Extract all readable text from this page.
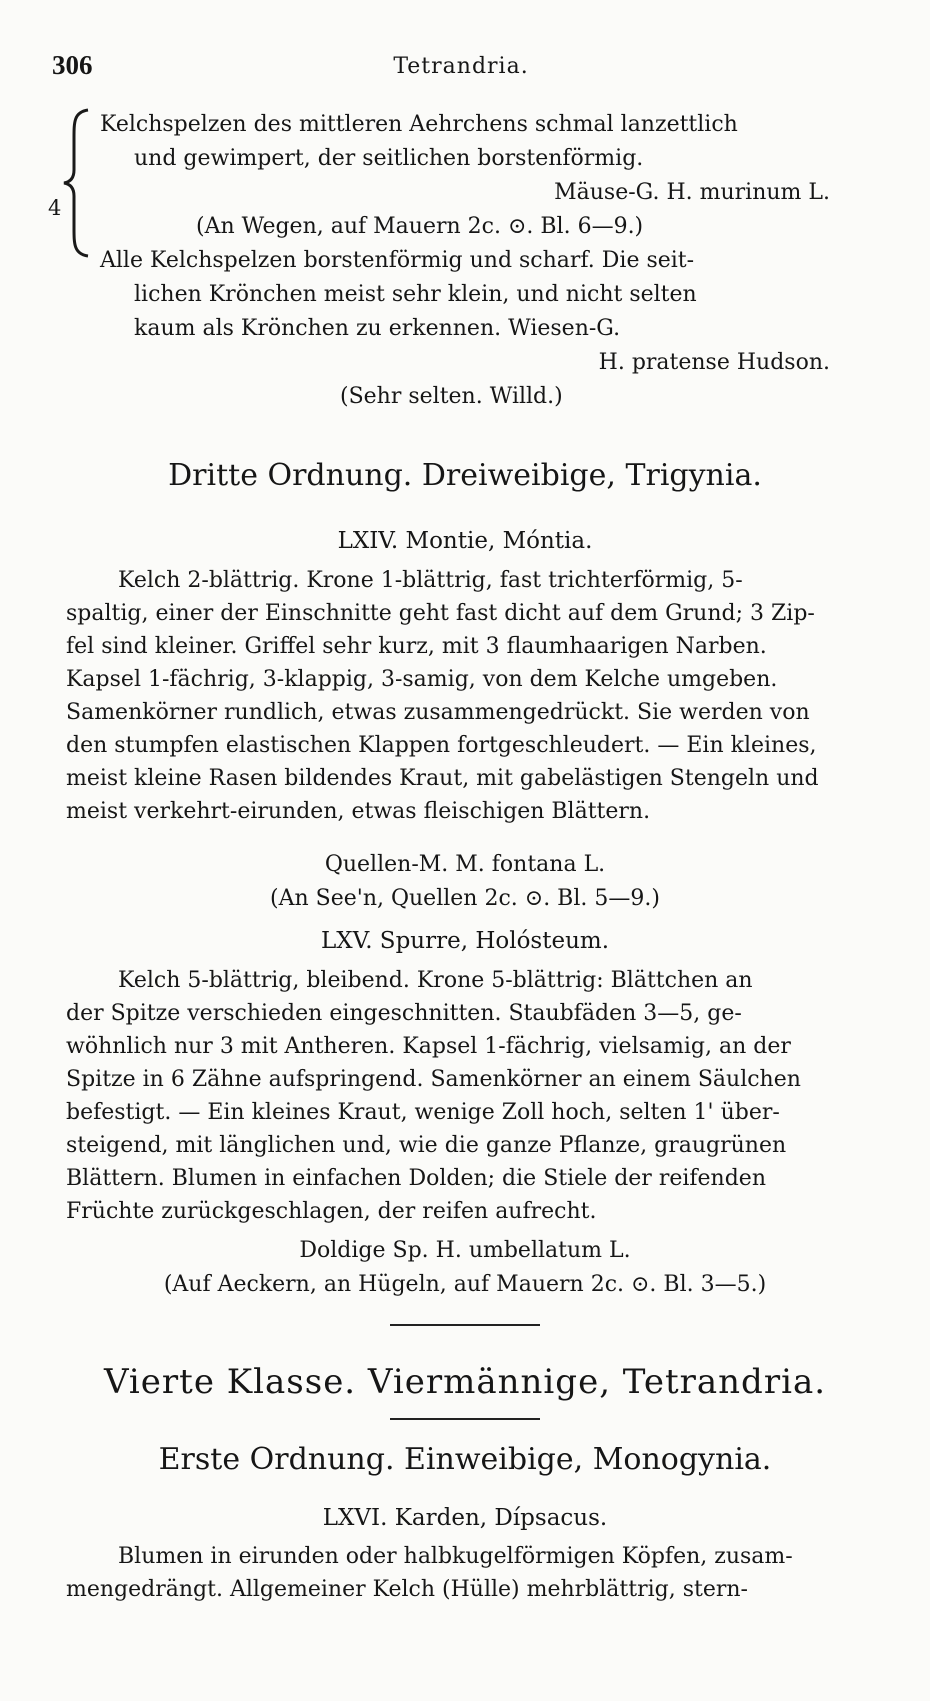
306	Tetrandria.
4
Kelchspelzen des mittleren Aehrchens schmal lanzettlich
und gewimpert, der seitlichen borstenförmig.
Mäuse-G. H. murinum L.
(An Wegen, auf Mauern 2c. ⊙. Bl. 6—9.)
Alle Kelchspelzen borstenförmig und scharf. Die seit-
lichen Krönchen meist sehr klein, und nicht selten
kaum als Krönchen zu erkennen. Wiesen-G.
H. pratense Hudson.
(Sehr selten. Willd.)
Dritte Ordnung. Dreiweibige, Trigynia.
LXIV. Montie, Móntia.

Kelch 2-blättrig. Krone 1-blättrig, fast trichterförmig, 5-

spaltig, einer der Einschnitte geht fast dicht auf dem Grund; 3 Zip-

fel sind kleiner. Griffel sehr kurz, mit 3 flaumhaarigen Narben.

Kapsel 1-fächrig, 3-klappig, 3-samig, von dem Kelche umgeben.

Samenkörner rundlich, etwas zusammengedrückt. Sie werden von

den stumpfen elastischen Klappen fortgeschleudert. — Ein kleines,

meist kleine Rasen bildendes Kraut, mit gabelästigen Stengeln und

meist verkehrt-eirunden, etwas fleischigen Blättern.

Quellen-M. M. fontana L.
(An See'n, Quellen 2c. ⊙. Bl. 5—9.)
LXV. Spurre, Holósteum.

Kelch 5-blättrig, bleibend. Krone 5-blättrig: Blättchen an

der Spitze verschieden eingeschnitten. Staubfäden 3—5, ge-

wöhnlich nur 3 mit Antheren. Kapsel 1-fächrig, vielsamig, an der

Spitze in 6 Zähne aufspringend. Samenkörner an einem Säulchen

befestigt. — Ein kleines Kraut, wenige Zoll hoch, selten 1' über-

steigend, mit länglichen und, wie die ganze Pflanze, graugrünen

Blättern. Blumen in einfachen Dolden; die Stiele der reifenden

Früchte zurückgeschlagen, der reifen aufrecht.

Doldige Sp. H. umbellatum L.
(Auf Aeckern, an Hügeln, auf Mauern 2c. ⊙. Bl. 3—5.)
Vierte Klasse. Viermännige, Tetrandria.
Erste Ordnung. Einweibige, Monogynia.
LXVI. Karden, Dípsacus.

Blumen in eirunden oder halbkugelförmigen Köpfen, zusam-

mengedrängt. Allgemeiner Kelch (Hülle) mehrblättrig, stern-
